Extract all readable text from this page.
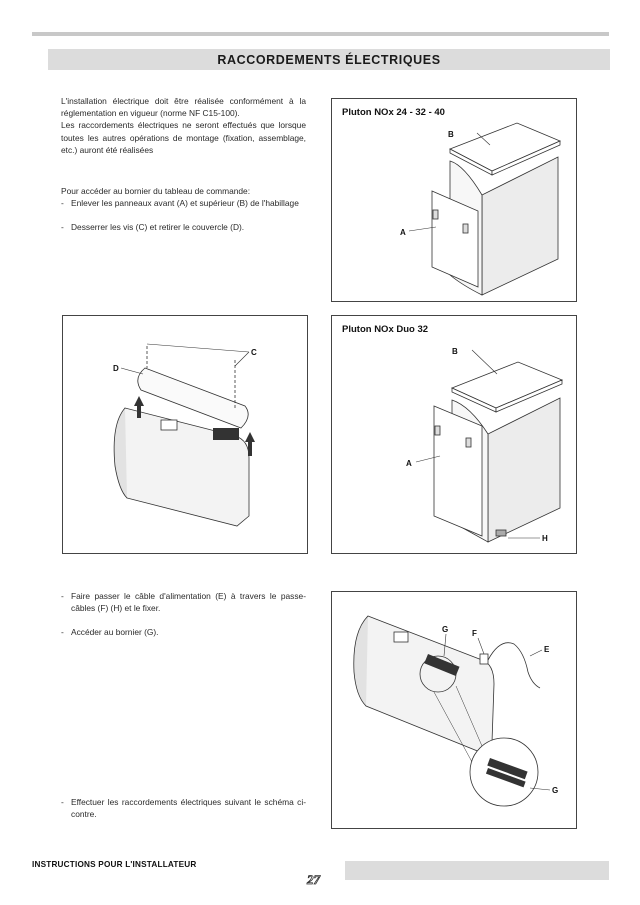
RACCORDEMENTS ÉLECTRIQUES

L'installation électrique doit être réalisée conformément à la réglementation en vigueur (norme NF C15-100).

Les raccordements électriques ne seront effectués que lorsque toutes les autres opérations de montage (fixation, assemblage, etc.) auront été réalisées

Pour accéder au bornier du tableau de commande:

- Enlever les panneaux avant (A) et supérieur (B) de l'habillage

- Desserrer les vis (C) et retirer le couvercle (D).

- Faire passer le câble d'alimentation (E) à travers le passe-câbles (F) (H) et le fixer.

- Accéder au bornier (G).

- Effectuer les raccordements électriques suivant le schéma ci-contre.

Pluton NOx 24 - 32 - 40
B
A
C
D
Pluton NOx Duo 32
B
A
H
G	F
E
G
INSTRUCTIONS POUR L'INSTALLATEUR
27
